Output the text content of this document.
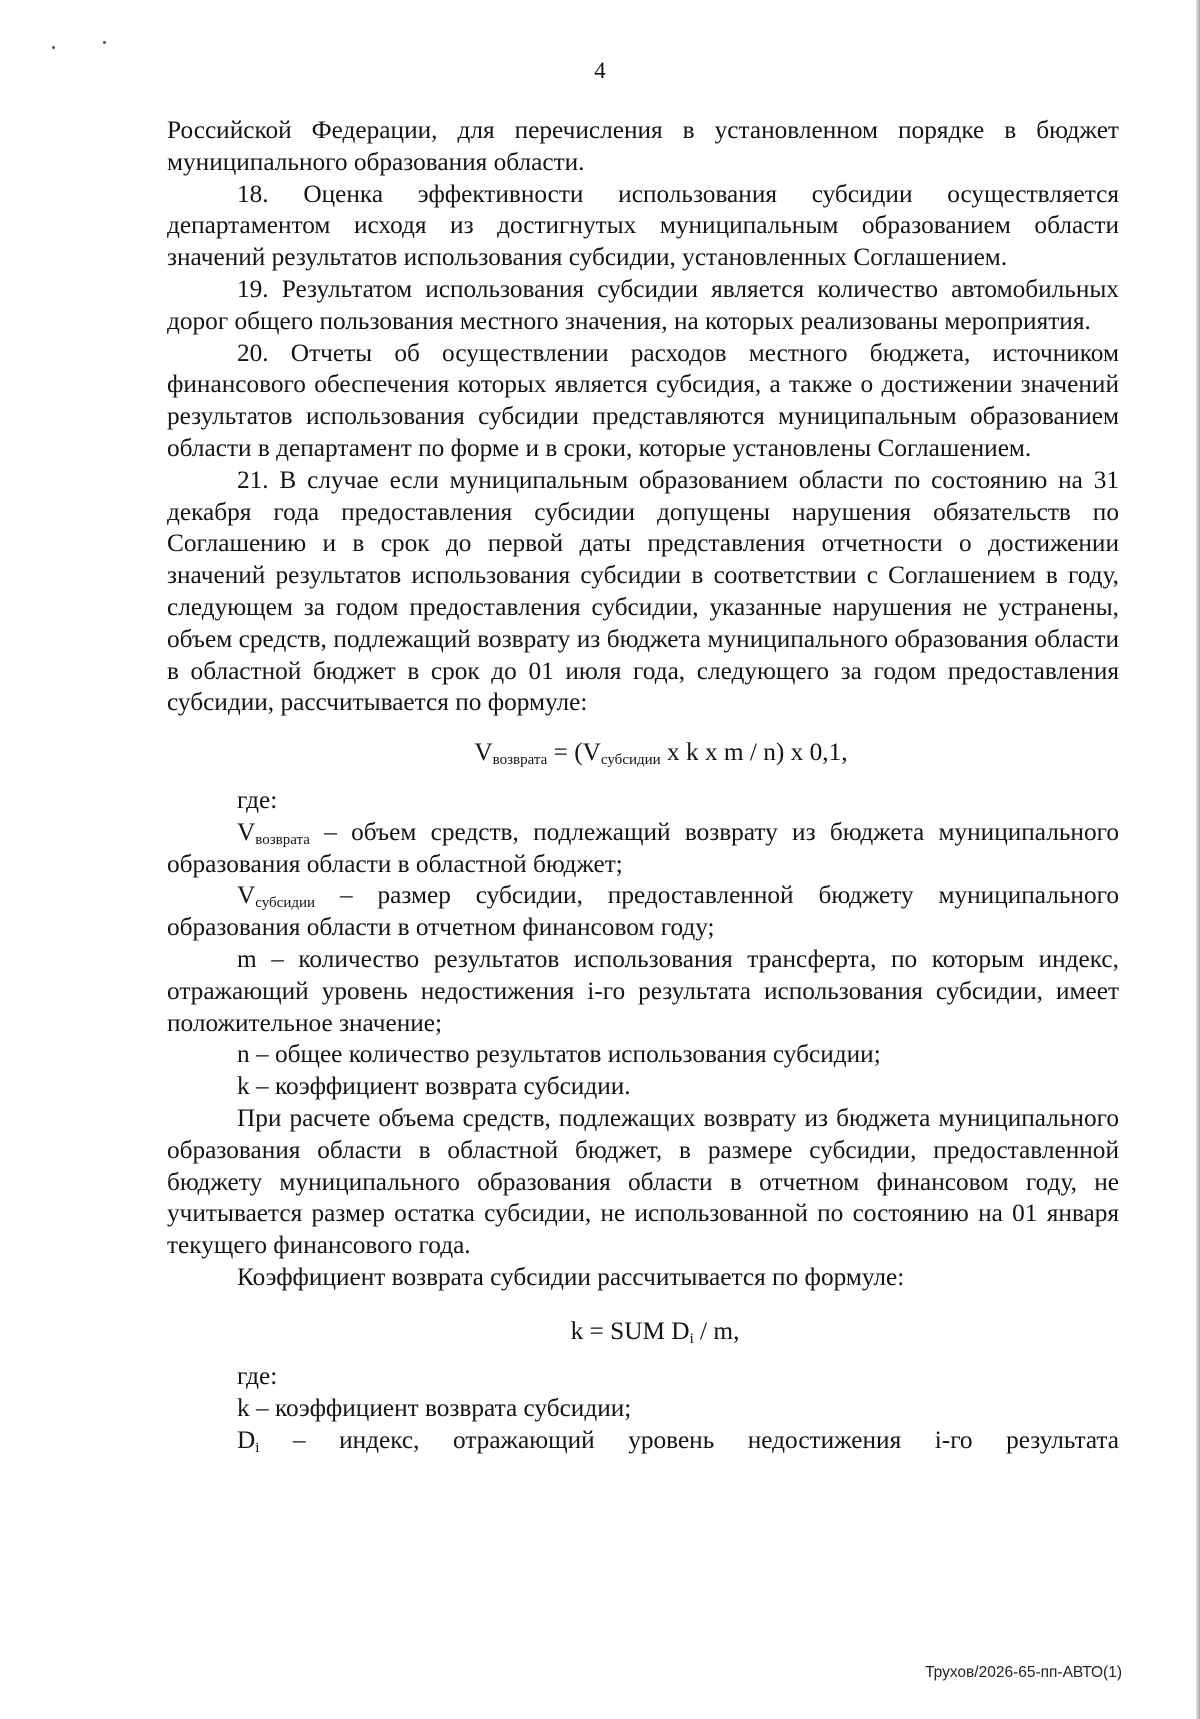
4

Российской Федерации, для перечисления в установленном порядке в бюджет муниципального образования области.

18. Оценка эффективности использования субсидии осуществляется департаментом исходя из достигнутых муниципальным образованием области значений результатов использования субсидии, установленных Соглашением.

19. Результатом использования субсидии является количество автомобильных дорог общего пользования местного значения, на которых реализованы мероприятия.

20. Отчеты об осуществлении расходов местного бюджета, источником финансового обеспечения которых является субсидия, а также о достижении значений результатов использования субсидии представляются муниципальным образованием области в департамент по форме и в сроки, которые установлены Соглашением.

21. В случае если муниципальным образованием области по состоянию на 31 декабря года предоставления субсидии допущены нарушения обязательств по Соглашению и в срок до первой даты представления отчетности о достижении значений результатов использования субсидии в соответствии с Соглашением в году, следующем за годом предоставления субсидии, указанные нарушения не устранены, объем средств, подлежащий возврату из бюджета муниципального образования области в областной бюджет в срок до 01 июля года, следующего за годом предоставления субсидии, рассчитывается по формуле:

$V_{возврата} = (V_{субсидии}$ x k x m / n) x 0,1,

где:

$V_{возврата}$ – объем средств, подлежащий возврату из бюджета муниципального образования области в областной бюджет;

$V_{субсидии}$ – размер субсидии, предоставленной бюджету муниципального образования области в отчетном финансовом году;

m – количество результатов использования трансферта, по которым индекс, отражающий уровень недостижения i-го результата использования субсидии, имеет положительное значение;

n – общее количество результатов использования субсидии;

k – коэффициент возврата субсидии.

При расчете объема средств, подлежащих возврату из бюджета муниципального образования области в областной бюджет, в размере субсидии, предоставленной бюджету муниципального образования области в отчетном финансовом году, не учитывается размер остатка субсидии, не использованной по состоянию на 01 января текущего финансового года.

Коэффициент возврата субсидии рассчитывается по формуле:

k = SUM $D_i$ / m,

где:

k – коэффициент возврата субсидии;

$D_i$ – индекс, отражающий уровень недостижения i-го результата

Трухов/2026-65-пп-АВТО(1)
